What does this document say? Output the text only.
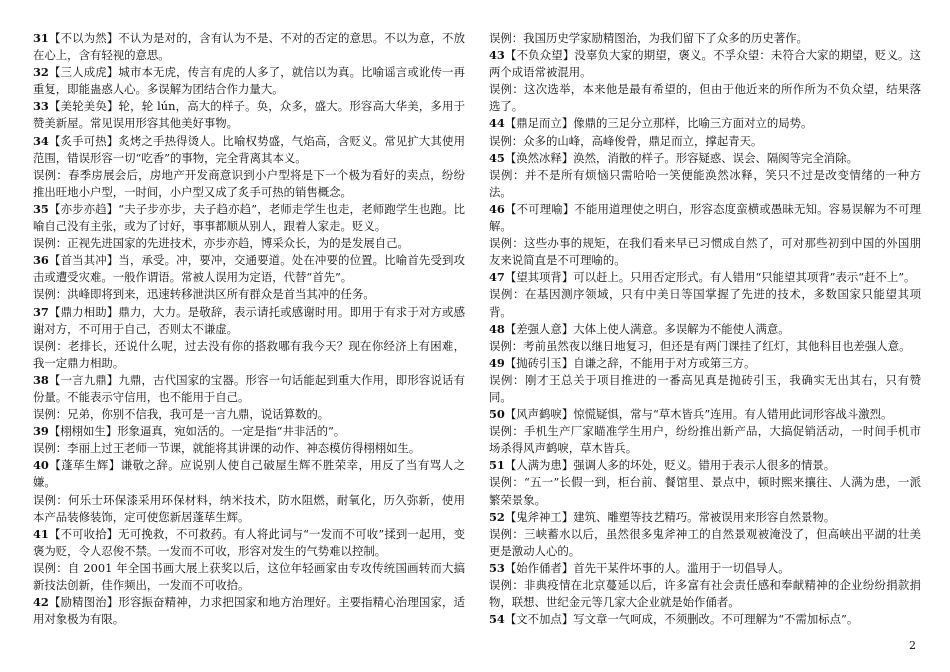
31【不以为然】不认为是对的，含有认为不是、不对的否定的意思。不以为意，不放在心上，含有轻视的意思。

32【三人成虎】城市本无虎，传言有虎的人多了，就信以为真。比喻谣言或讹传一再重复，即能蛊惑人心。多误解为团结合作力量大。

33【美轮美奂】轮，轮 lún，高大的样子。奂，众多，盛大。形容高大华美，多用于赞美新屋。常见误用形容其他美好事物。

34【炙手可热】炙烤之手热得烫人。比喻权势盛，气焰高，含贬义。常见扩大其使用范围，错误形容一切“吃香”的事物，完全背离其本义。

误例：春季房展会后，房地产开发商意识到小户型将是下一个极为看好的卖点，纷纷推出旺地小户型，一时间，小户型又成了炙手可热的销售概念。

35【亦步亦趋】“夫子步亦步，夫子趋亦趋”，老师走学生也走，老师跑学生也跑。比喻自己没有主张，或为了讨好，事事都顺从别人，跟着人家走。贬义。

误例：正视先进国家的先进技术，亦步亦趋，博采众长，为的是发展自己。

36【首当其冲】当，承受。冲，要冲，交通要道。处在冲要的位置。比喻首先受到攻击或遭受灾难。一般作谓语。常被人误用为定语，代替“首先”。

误例：洪峰即将到来，迅速转移泄洪区所有群众是首当其冲的任务。

37【鼎力相助】鼎力，大力。是敬辞，表示请托或感谢时用。即用于有求于对方或感谢对方，不可用于自己，否则太不谦虚。

误例：老排长，还说什么呢，过去没有你的搭救哪有我今天？现在你经济上有困难，我一定鼎力相助。

38【一言九鼎】九鼎，古代国家的宝器。形容一句话能起到重大作用，即形容说话有份量。不能表示守信用，也不能用于自己。

误例：兄弟，你别不信我，我可是一言九鼎，说话算数的。

39【栩栩如生】形象逼真，宛如活的。一定是指“井非活的”。

误例：李丽上过王老师一节课，就能将其讲课的动作、神态模仿得栩栩如生。

40【蓬荜生辉】谦敬之辞。应说别人使自己破屋生辉不胜荣幸，用反了当有骂人之嫌。

误例：何乐士环保漆采用环保材料，纳米技术，防水阻燃，耐氧化，历久弥新，使用本产品装修装饰，定可使您新居蓬荜生辉。

41【不可收拾】无可挽救，不可救药。有人将此词与“一发而不可收”揉到一起用，变褒为贬，令人忍俊不禁。一发而不可收，形容对发生的气势难以控制。

误例：自 2001 年全国书画大展上获奖以后，这位年轻画家由专攻传统国画转而大搞新技法创新，佳作频出，一发而不可收拾。

42【励精图治】形容振奋精神，力求把国家和地方治理好。主要指精心治理国家，适用对象极为有限。

误例：我国历史学家励精图治，为我们留下了众多的历史著作。

43【不负众望】没辜负大家的期望，褒义。不孚众望：未符合大家的期望，贬义。这两个成语常被混用。

误例：这次选举，本来他是最有希望的，但由于他近来的所作所为不负众望，结果落选了。

44【鼎足而立】像鼎的三足分立那样，比喻三方面对立的局势。

误例：众多的山峰，高峰俊骨，鼎足而立，撑起青天。

45【涣然冰释】涣然，消散的样子。形容疑惑、误会、隔阂等完全消除。

误例：并不是所有烦恼只需哈哈一笑便能涣然冰释，笑只不过是改变情绪的一种方法。

46【不可理喻】不能用道理使之明白，形容态度蛮横或愚昧无知。容易误解为不可理解。

误例：这些办事的规矩，在我们看来早已习惯成自然了，可对那些初到中国的外国朋友来说简直是不可理喻的。

47【望其项背】可以赶上。只用否定形式。有人错用“只能望其项背”表示“赶不上”。

误例：在基因测序领域，只有中美日等国掌握了先进的技术，多数国家只能望其项背。

48【差强人意】大体上使人满意。多误解为不能使人满意。

误例：考前虽然夜以继日地复习，但还是有两门课挂了红灯，其他科目也差强人意。

49【抛砖引玉】自谦之辞，不能用于对方或第三方。

误例：刚才王总关于项目推进的一番高见真是抛砖引玉，我确实无出其右，只有赞同。

50【风声鹤唳】惊慌疑惧，常与“草木皆兵”连用。有人错用此词形容战斗激烈。

误例：手机生产厂家瞄准学生用户，纷纷推出新产品，大搞促销活动，一时间手机市场杀得风声鹤唳，草木皆兵。

51【人满为患】强调人多的坏处，贬义。错用于表示人很多的情景。

误例：“五一”长假一到，柜台前、餐馆里、景点中，顿时熙来攘往、人满为患，一派繁荣景象。

52【鬼斧神工】建筑、雕塑等技艺精巧。常被误用来形容自然景物。

误例：三峡蓄水以后，虽然很多鬼斧神工的自然景观被淹没了，但高峡出平湖的壮美更是激动人心的。

53【始作俑者】首先干某件坏事的人。滥用于一切倡导人。

误例：非典疫情在北京蔓延以后，许多富有社会责任感和奉献精神的企业纷纷捐款捐物，联想、世纪金元等几家大企业就是始作俑者。

54【文不加点】写文章一气呵成，不须删改。不可理解为“不需加标点”。

2
